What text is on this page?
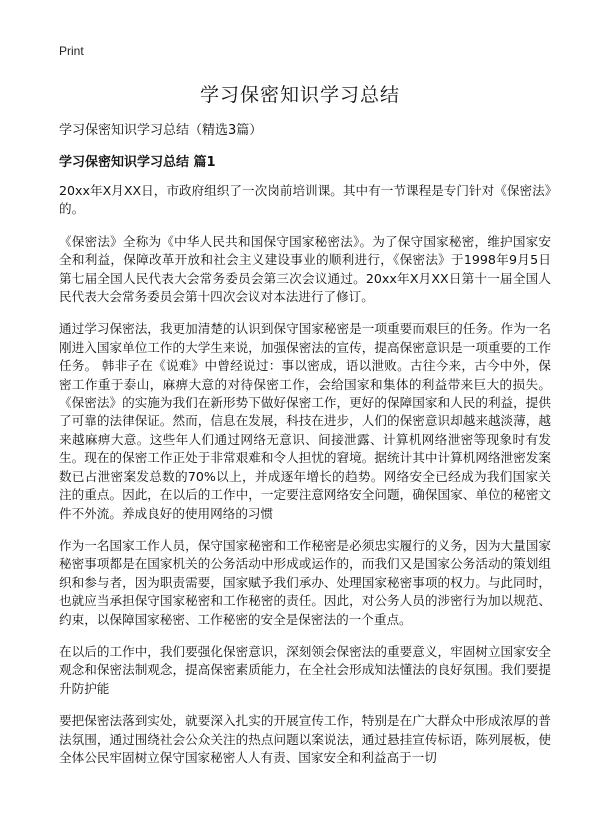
Print
学习保密知识学习总结
学习保密知识学习总结（精选3篇）
学习保密知识学习总结 篇1

20xx年X月XX日，市政府组织了一次岗前培训课。其中有一节课程是专门针对《保密法》的。

《保密法》全称为《中华人民共和国保守国家秘密法》。为了保守国家秘密，维护国家安全和利益，保障改革开放和社会主义建设事业的顺利进行，《保密法》于1998年9月5日第七届全国人民代表大会常务委员会第三次会议通过。20xx年X月XX日第十一届全国人民代表大会常务委员会第十四次会议对本法进行了修订。

通过学习保密法，我更加清楚的认识到保守国家秘密是一项重要而艰巨的任务。作为一名刚进入国家单位工作的大学生来说，加强保密法的宣传，提高保密意识是一项重要的工作任务。 韩非子在《说难》中曾经说过：事以密成，语以泄败。古往今来，古今中外，保密工作重于泰山，麻痹大意的对待保密工作，会给国家和集体的利益带来巨大的损失。《保密法》的实施为我们在新形势下做好保密工作，更好的保障国家和人民的利益，提供了可靠的法律保证。然而，信息在发展，科技在进步，人们的保密意识却越来越淡薄，越来越麻痹大意。这些年人们通过网络无意识、间接泄露、计算机网络泄密等现象时有发生。现在的保密工作正处于非常艰难和令人担忧的窘境。据统计其中计算机网络泄密发案数已占泄密案发总数的70%以上，并成逐年增长的趋势。网络安全已经成为我们国家关注的重点。因此，在以后的工作中，一定要注意网络安全问题，确保国家、单位的秘密文件不外流。养成良好的使用网络的习惯

作为一名国家工作人员，保守国家秘密和工作秘密是必须忠实履行的义务，因为大量国家秘密事项都是在国家机关的公务活动中形成或运作的，而我们又是国家公务活动的策划组织和参与者，因为职责需要，国家赋予我们承办、处理国家秘密事项的权力。与此同时，也就应当承担保守国家秘密和工作秘密的责任。因此，对公务人员的涉密行为加以规范、约束，以保障国家秘密、工作秘密的安全是保密法的一个重点。

在以后的工作中，我们要强化保密意识，深刻领会保密法的重要意义，牢固树立国家安全观念和保密法制观念，提高保密素质能力，在全社会形成知法懂法的良好氛围。我们要提升防护能

要把保密法落到实处，就要深入扎实的开展宣传工作，特别是在广大群众中形成浓厚的普法氛围，通过围绕社会公众关注的热点问题以案说法，通过悬挂宣传标语，陈列展板，使全体公民牢固树立保守国家秘密人人有责、国家安全和利益高于一切
